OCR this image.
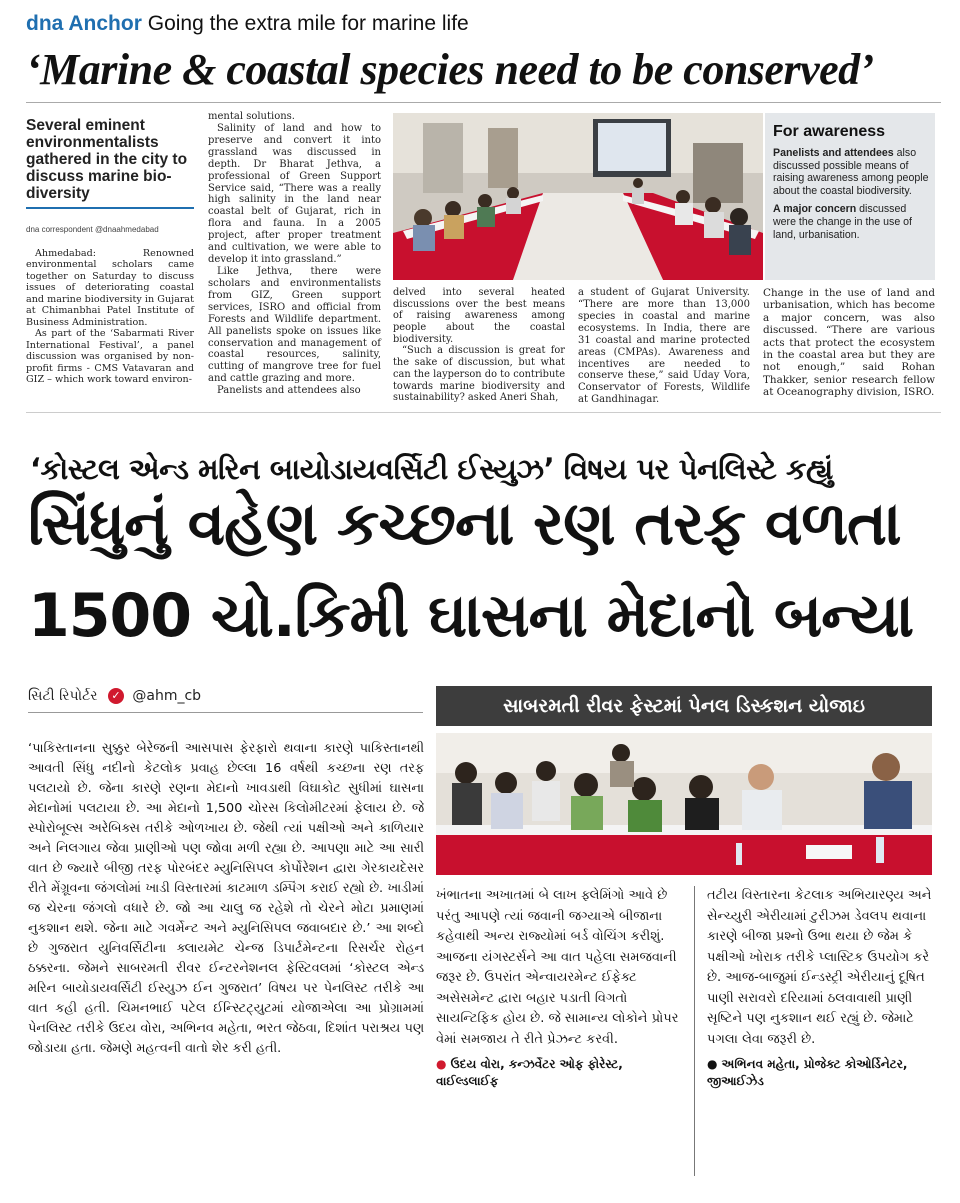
dna Anchor Going the extra mile for marine life
‘Marine & coastal species need to be conserved’
Several eminent environmentalists gathered in the city to discuss marine bio-diversity
dna correspondent @dnaahmedabad

Ahmedabad: Renowned environmental scholars came together on Saturday to discuss issues of deteriorating coastal and marine biodiversity in Gujarat at Chimanbhai Patel Institute of Business Administration.

As part of the ‘Sabarmati River International Festival’, a panel discussion was organised by non-profit firms - CMS Vatavaran and GIZ – which work toward environ-

mental solutions.

Salinity of land and how to preserve and convert it into grassland was discussed in depth. Dr Bharat Jethva, a professional of Green Support Service said, “There was a really high salinity in the land near coastal belt of Gujarat, rich in flora and fauna. In a 2005 project, after proper treatment and cultivation, we were able to develop it into grassland.”

Like Jethva, there were scholars and environmentalists from GIZ, Green support services, ISRO and official from Forests and Wildlife department. All panelists spoke on issues like conservation and management of coastal resources, salinity, cutting of mangrove tree for fuel and cattle grazing and more.

Panelists and attendees also

For awareness

Panelists and attendees also discussed possible means of raising awareness among people about the coastal biodiversity.

A major concern discussed were the change in the use of land, urbanisation.

delved into several heated discussions over the best means of raising awareness among people about the coastal biodiversity.

“Such a discussion is great for the sake of discussion, but what can the layperson do to contribute towards marine biodiversity and sustainability? asked Aneri Shah,

a student of Gujarat University. “There are more than 13,000 species in coastal and marine ecosystems. In India, there are 31 coastal and marine protected areas (CMPAs). Awareness and incentives are needed to conserve these,” said Uday Vora, Conservator of Forests, Wildlife at Gandhinagar.

Change in the use of land and urbanisation, which has become a major concern, was also discussed. “There are various acts that protect the ecosystem in the coastal area but they are not enough,” said Rohan Thakker, senior research fellow at Oceanography division, ISRO.

‘કોસ્ટલ એન્ડ મરિન બાયોડાયવર્સિટી ઈસ્યુઝ’ વિષય પર પેનલિસ્ટે કહ્યું
સિંધુનું વહેણ કચ્છના રણ તરફ વળતા
1500 ચો.કિમી ઘાસના મેદાનો બન્યા
સિટી રિપોર્ટર ✓ @ahm_cb
‘પાકિસ્તાનના સુક્કુર બેરેજની આસપાસ ફેરફારો થવાના કારણે પાકિસ્તાનથી આવતી સિંધુ નદીનો કેટલોક પ્રવાહ છેલ્લા 16 વર્ષથી કચ્છના રણ તરફ પલટાયો છે. જેના કારણે રણના મેદાનો ખાવડાથી વિઘાકોટ સુધીમાં ઘાસના મેદાનોમાં પલટાયા છે. આ મેદાનો 1,500 ચોરસ કિલોમીટરમાં ફેલાય છે. જે સ્પોરોબૂલ્સ અરેબિક્સ તરીકે ઓળખાય છે. જેથી ત્યાં પક્ષીઓ અને કાળિયાર અને નિલગાય જેવા પ્રાણીઓ પણ જોવા મળી રહ્યા છે. આપણા માટે આ સારી વાત છે જ્યારે બીજી તરફ પોરબંદર મ્યુનિસિપલ કોર્પોરેશન દ્વારા ગેરકાયદેસર રીતે મેંગ્રૂવના જંગલોમાં ખાડી વિસ્તારમાં કાટમાળ ડમ્પિંગ કરાઈ રહ્યો છે. ખાડીમાં જ ચેરના જંગલો વધારે છે. જો આ ચાલુ જ રહેશે તો ચેરને મોટા પ્રમાણમાં નુકશાન થશે. જેના માટે ગવર્મેન્ટ અને મ્યુનિસિપલ જવાબદાર છે.’ આ શબ્દો છે ગુજરાત યુનિવર્સિટીના ક્લાયમેટ ચેન્જ ડિપાર્ટમેન્ટના રિસર્ચર રોહન ઠક્કરના. જેમને સાબરમતી રીવર ઈન્ટરનેશનલ ફેસ્ટિવલમાં ‘કોસ્ટલ એન્ડ મરિન બાયોડાયવર્સિટી ઈસ્યુઝ ઈન ગુજરાત’ વિષય પર પેનલિસ્ટ તરીકે આ વાત કહી હતી. ચિમનભાઈ પટેલ ઈન્સ્ટિટ્યુટમાં યોજાએલા આ પ્રોગ્રામમાં પેનલિસ્ટ તરીકે ઉદય વોરા, અભિનવ મહેતા, ભરત જેઠવા, દિશાંત પરાશ્રય પણ જોડાયા હતા. જેમણે મહત્વની વાતો શેર કરી હતી.
સાબરમતી રીવર ફેસ્ટમાં પેનલ ડિસ્કશન યોજાઇ
ખંભાતના અખાતમાં બે લાખ ફ્લેમિંગો આવે છે પરંતુ આપણે ત્યાં જવાની જગ્યાએ બીજાના કહેવાથી અન્ય રાજ્યોમાં બર્ડ વોચિંગ કરીશું. આજના યંગસ્ટર્સને આ વાત પહેલા સમજવાની જરૂર છે. ઉપરાંત એન્વાયરમેન્ટ ઈફેક્ટ અસેસમેન્ટ દ્વારા બહાર પડાતી વિગતો સાયન્ટિફિક હોય છે. જે સામાન્ય લોકોને પ્રોપર વેમાં સમજાય તે રીતે પ્રેઝન્ટ કરવી.
● ઉદય વોરા, કન્ઝર્વેટર ઓફ ફોરેસ્ટ, વાઈલ્ડલાઈફ
તટીય વિસ્તારના કેટલાક અભિયારણ્ય અને સેન્ચ્યુરી એરીયામાં ટુરીઝમ ડેવલપ થવાના કારણે બીજા પ્રશ્નો ઉભા થયા છે જેમ કે પક્ષીઓ ખોરાક તરીકે પ્લાસ્ટિક ઉપયોગ કરે છે. આજ-બાજુમાં ઈન્ડસ્ટ્રી એરીયાનું દૂષિત પાણી સરાવરો દરિયામાં ઠલવાવાથી પ્રાણી સૃષ્ટિને પણ નુકશાન થઈ રહ્યું છે. જેમાટે પગલા લેવા જરૂરી છે.
● અભિનવ મહેતા, પ્રોજેક્ટ કોઓર્ડિનેટર, જીઆઈઝેડ
